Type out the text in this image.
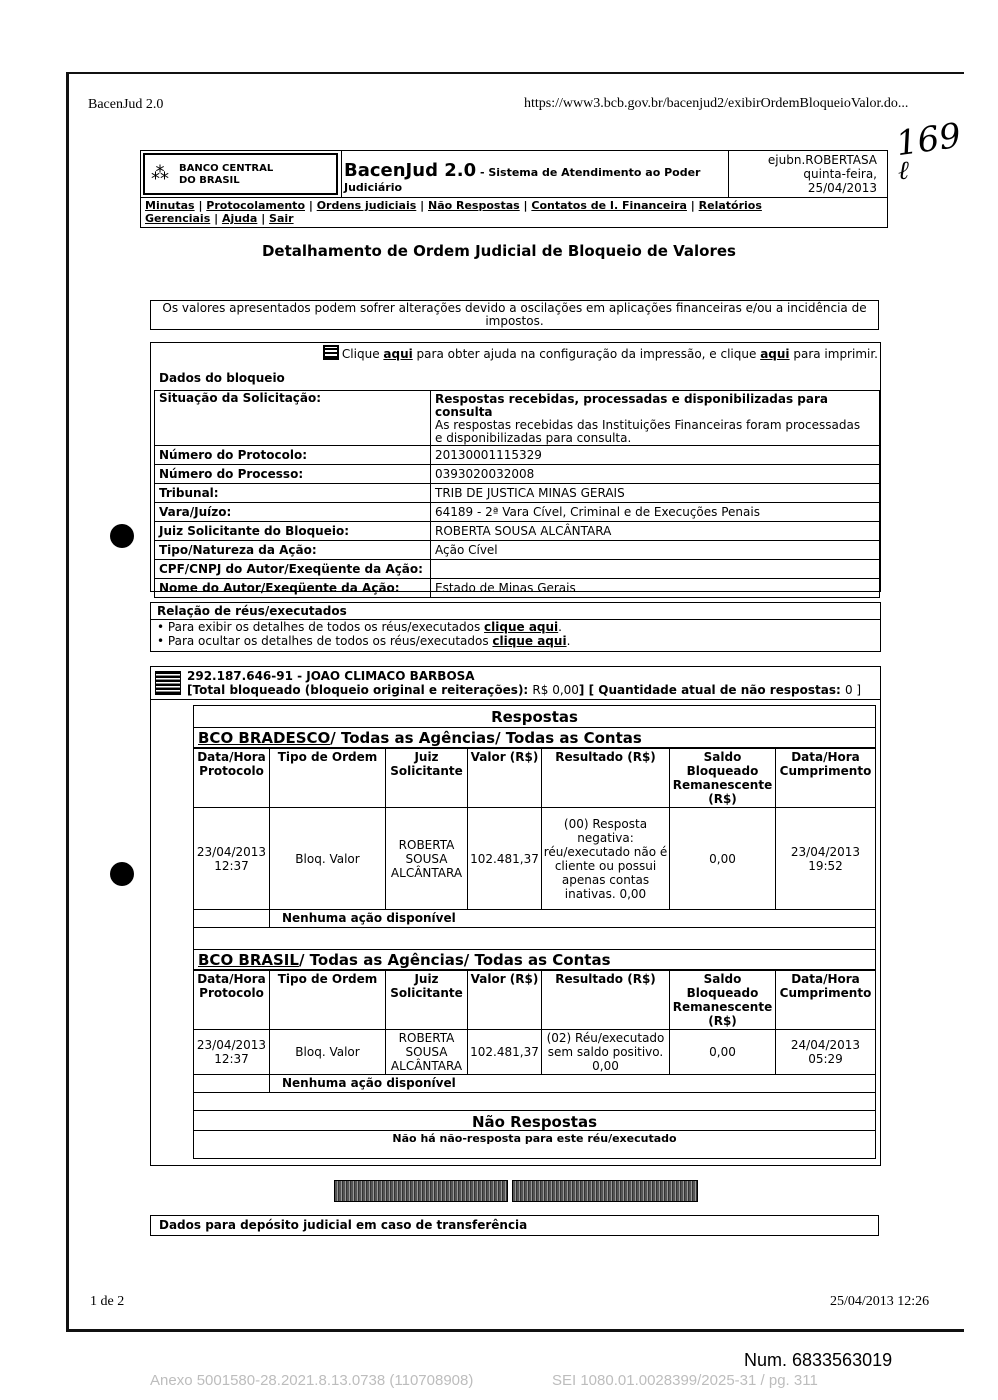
BacenJud 2.0	https://www3.bcb.gov.br/bacenjud2/exibirOrdemBloqueioValor.do...
169
ℓ
⁂ BANCO CENTRAL
DO BRASIL	BacenJud 2.0 - Sistema de Atendimento ao Poder
Judiciário
ejubn.ROBERTASA
quinta-feira,
25/04/2013
Minutas | Protocolamento | Ordens judiciais | Não Respostas | Contatos de I. Financeira | Relatórios
Gerenciais | Ajuda | Sair
Detalhamento de Ordem Judicial de Bloqueio de Valores
Os valores apresentados podem sofrer alterações devido a oscilações em aplicações financeiras e/ou a incidência de
impostos.
Clique aqui para obter ajuda na configuração da impressão, e clique aqui para imprimir.
Dados do bloqueio
Situação da Solicitação:	Respostas recebidas, processadas e disponibilizadas para consulta
As respostas recebidas das Instituições Financeiras foram processadas
e disponibilizadas para consulta.

Número do Protocolo:	20130001115329
Número do Processo:	0393020032008
Tribunal:	TRIB DE JUSTICA MINAS GERAIS
Vara/Juízo:	64189 - 2ª Vara Cível, Criminal e de Execuções Penais
Juiz Solicitante do Bloqueio:	ROBERTA SOUSA ALCÂNTARA
Tipo/Natureza da Ação:	Ação Cível
CPF/CNPJ do Autor/Exeqüente da Ação:	
Nome do Autor/Exeqüente da Ação:	Estado de Minas Gerais
Relação de réus/executados
• Para exibir os detalhes de todos os réus/executados clique aqui.
• Para ocultar os detalhes de todos os réus/executados clique aqui.
292.187.646-91 - JOAO CLIMACO BARBOSA
[Total bloqueado (bloqueio original e reiterações): R$ 0,00] [ Quantidade atual de não respostas: 0 ]
Respostas
BCO BRADESCO/ Todas as Agências/ Todas as Contas
Data/Hora Protocolo	Tipo de Ordem	Juiz Solicitante	Valor (R$)	Resultado (R$)	Saldo Bloqueado Remanescente (R$)	Data/Hora Cumprimento
23/04/2013 12:37	Bloq. Valor	ROBERTA SOUSA ALCÂNTARA	102.481,37	(00) Resposta negativa: réu/executado não é cliente ou possui apenas contas inativas. 0,00	0,00	23/04/2013 19:52
	Nenhuma ação disponível					
BCO BRASIL/ Todas as Agências/ Todas as Contas
Data/Hora Protocolo	Tipo de Ordem	Juiz Solicitante	Valor (R$)	Resultado (R$)	Saldo Bloqueado Remanescente (R$)	Data/Hora Cumprimento
23/04/2013 12:37	Bloq. Valor	ROBERTA SOUSA ALCÂNTARA	102.481,37	(02) Réu/executado sem saldo positivo. 0,00	0,00	24/04/2013 05:29
	Nenhuma ação disponível					
Não Respostas
Não há não-resposta para este réu/executado
Dados para depósito judicial em caso de transferência
1 de 2	25/04/2013 12:26
Num. 6833563019
Anexo 5001580-28.2021.8.13.0738 (110708908)	SEI 1080.01.0028399/2025-31 / pg. 311
